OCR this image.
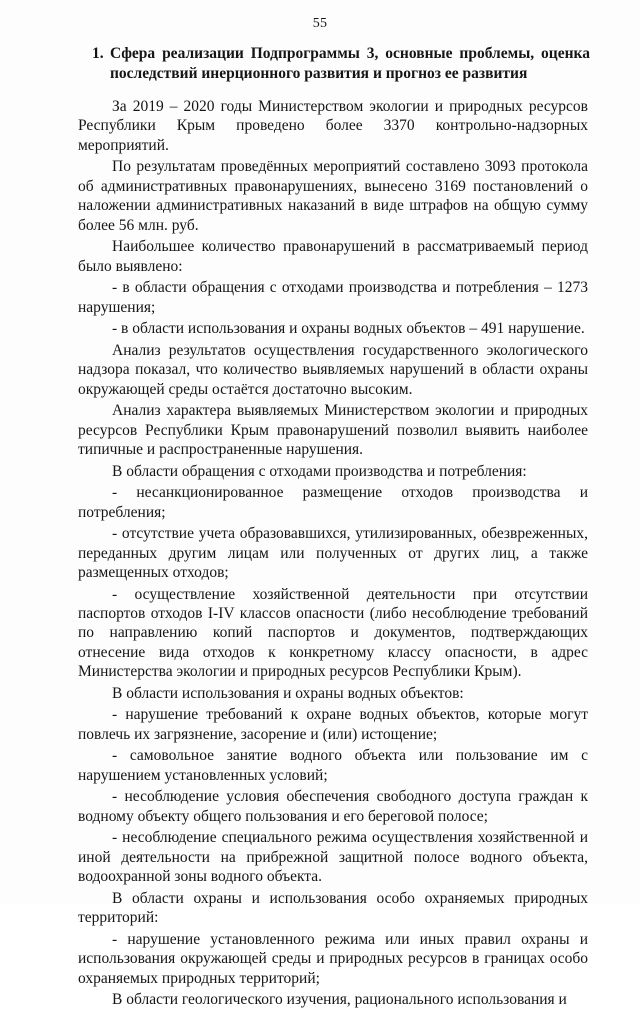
55
1. Сфера реализации Подпрограммы 3, основные проблемы, оценка последствий инерционного развития и прогноз ее развития

За 2019 – 2020 годы Министерством экологии и природных ресурсов Республики Крым проведено более 3370 контрольно-надзорных мероприятий.

По результатам проведённых мероприятий составлено 3093 протокола об административных правонарушениях, вынесено 3169 постановлений о наложении административных наказаний в виде штрафов на общую сумму более 56 млн. руб.

Наибольшее количество правонарушений в рассматриваемый период было выявлено:

- в области обращения с отходами производства и потребления – 1273 нарушения;

- в области использования и охраны водных объектов – 491 нарушение.

Анализ результатов осуществления государственного экологического надзора показал, что количество выявляемых нарушений в области охраны окружающей среды остаётся достаточно высоким.

Анализ характера выявляемых Министерством экологии и природных ресурсов Республики Крым правонарушений позволил выявить наиболее типичные и распространенные нарушения.

В области обращения с отходами производства и потребления:

- несанкционированное размещение отходов производства и потребления;

- отсутствие учета образовавшихся, утилизированных, обезвреженных, переданных другим лицам или полученных от других лиц, а также размещенных отходов;

- осуществление хозяйственной деятельности при отсутствии паспортов отходов I-IV классов опасности (либо несоблюдение требований по направлению копий паспортов и документов, подтверждающих отнесение вида отходов к конкретному классу опасности, в адрес Министерства экологии и природных ресурсов Республики Крым).

В области использования и охраны водных объектов:

- нарушение требований к охране водных объектов, которые могут повлечь их загрязнение, засорение и (или) истощение;

- самовольное занятие водного объекта или пользование им с нарушением установленных условий;

- несоблюдение условия обеспечения свободного доступа граждан к водному объекту общего пользования и его береговой полосе;

- несоблюдение специального режима осуществления хозяйственной и иной деятельности на прибрежной защитной полосе водного объекта, водоохранной зоны водного объекта.

В области охраны и использования особо охраняемых природных территорий:

- нарушение установленного режима или иных правил охраны и использования окружающей среды и природных ресурсов в границах особо охраняемых природных территорий;

В области геологического изучения, рационального использования и
